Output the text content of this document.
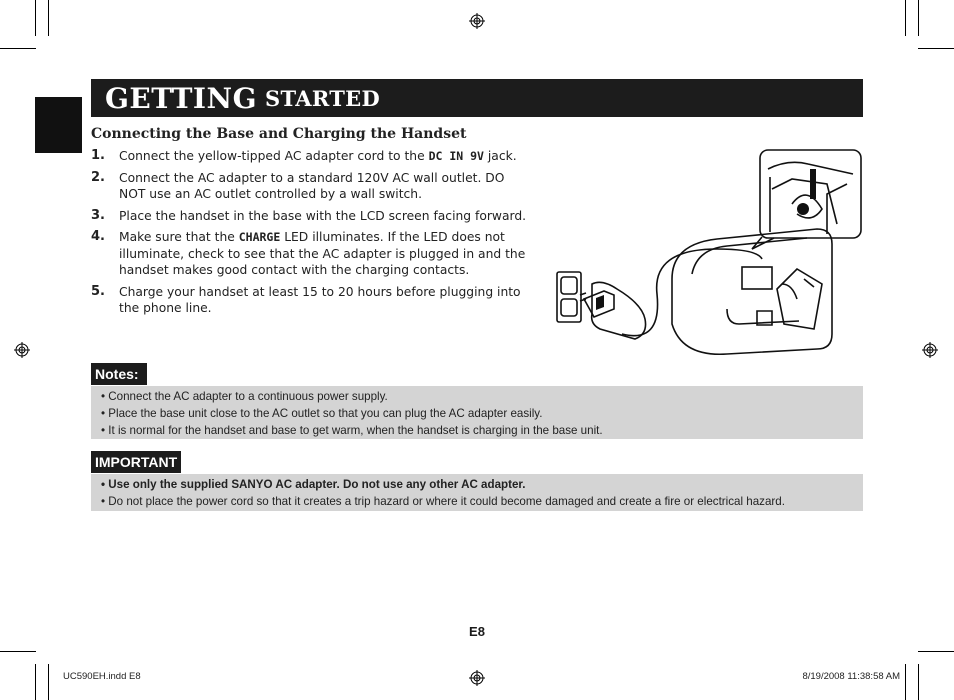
GETTING STARTED
Connecting the Base and Charging the Handset
1.	Connect the yellow-tipped AC adapter cord to the DC IN 9V jack.
2.	Connect the AC adapter to a standard 120V AC wall outlet. DO NOT use an AC outlet controlled by a wall switch.
3.	Place the handset in the base with the LCD screen facing forward.
4.	Make sure that the CHARGE LED illuminates. If the LED does not illuminate, check to see that the AC adapter is plugged in and the handset makes good contact with the charging contacts.
5.	Charge your handset at least 15 to 20 hours before plugging into the phone line.
Notes:
• Connect the AC adapter to a continuous power supply.
• Place the base unit close to the AC outlet so that you can plug the AC adapter easily.
• It is normal for the handset and base to get warm, when the handset is charging in the base unit.
IMPORTANT
• Use only the supplied SANYO AC adapter. Do not use any other AC adapter.
• Do not place the power cord so that it creates a trip hazard or where it could become damaged and create a fire or electrical hazard.
E8
UC590EH.indd E8	8/19/2008 11:38:58 AM
